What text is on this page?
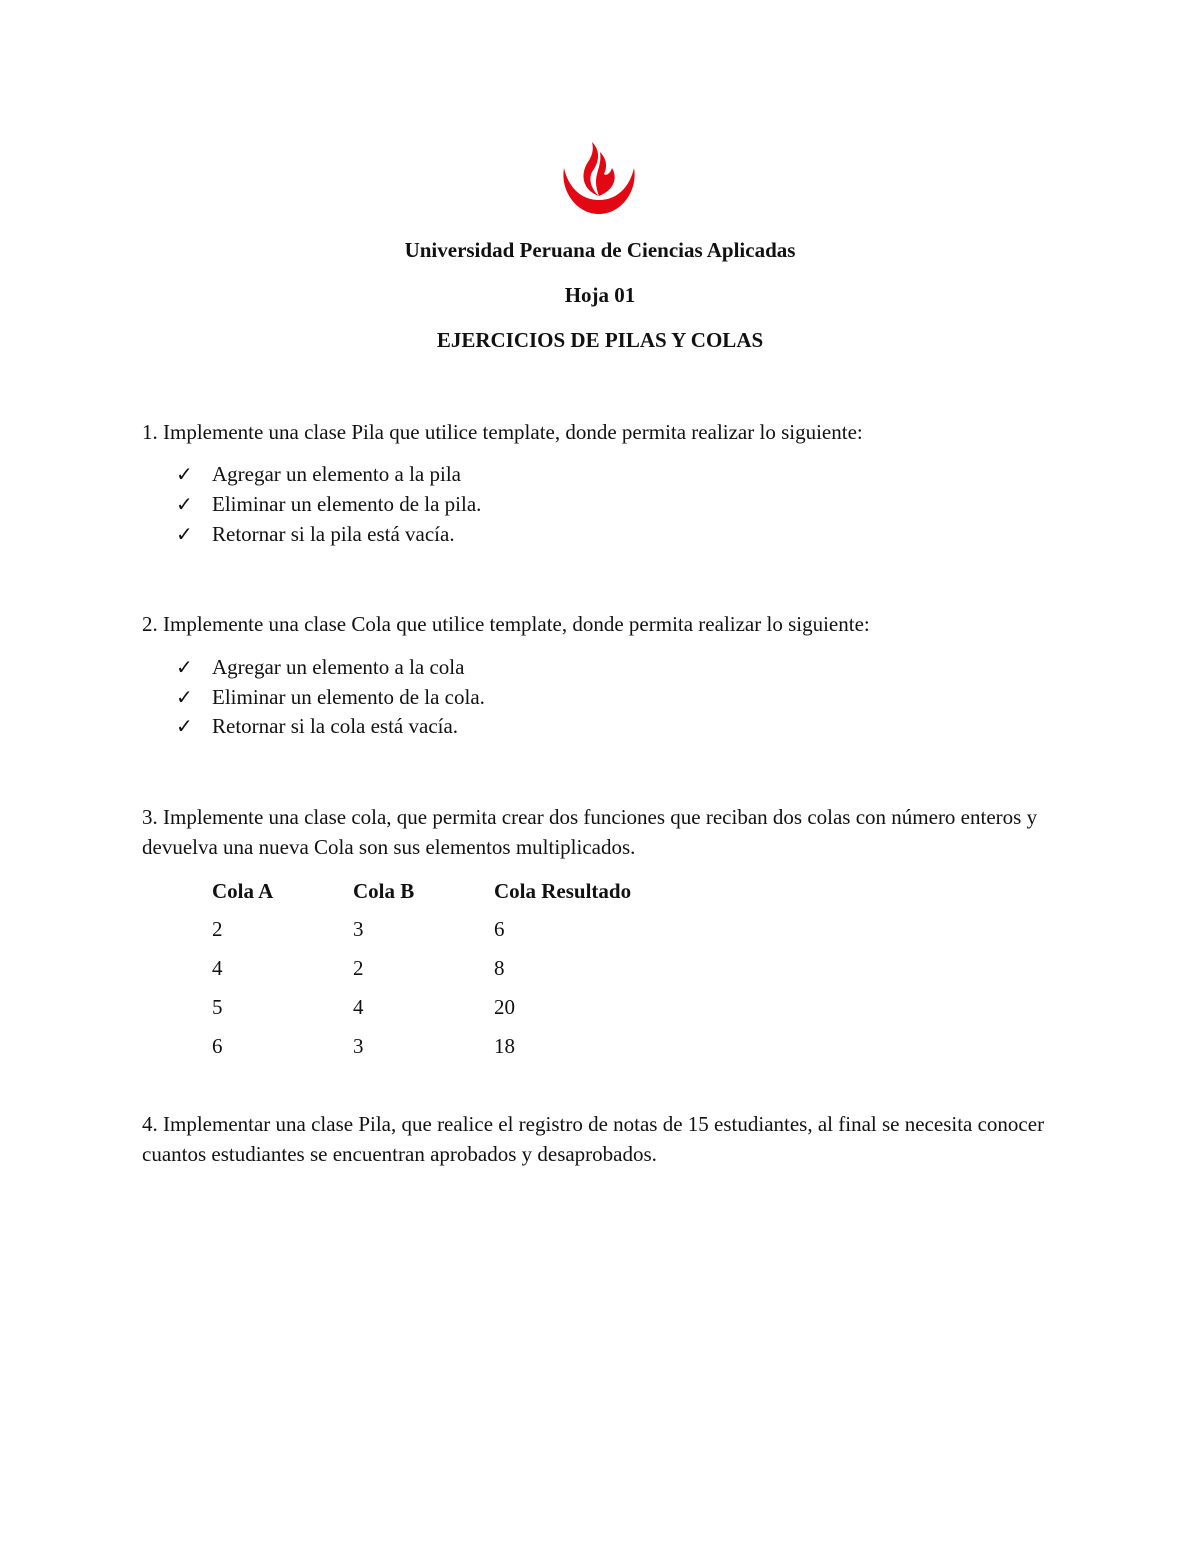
Universidad Peruana de Ciencias Aplicadas
Hoja 01
EJERCICIOS DE PILAS Y COLAS
1. Implemente una clase Pila que utilice template, donde permita realizar lo siguiente:
✓ Agregar un elemento a la pila
✓ Eliminar un elemento de la pila.
✓ Retornar si la pila está vacía.
2. Implemente una clase Cola que utilice template, donde permita realizar lo siguiente:
✓ Agregar un elemento a la cola
✓ Eliminar un elemento de la cola.
✓ Retornar si la cola está vacía.
3. Implemente una clase cola, que permita crear dos funciones que reciban dos colas con número enteros y devuelva una nueva Cola son sus elementos multiplicados.
Cola A	Cola B	Cola Resultado
2	3	6
4	2	8
5	4	20
6	3	18
4. Implementar una clase Pila, que realice el registro de notas de 15 estudiantes, al final se necesita conocer cuantos estudiantes se encuentran aprobados y desaprobados.
